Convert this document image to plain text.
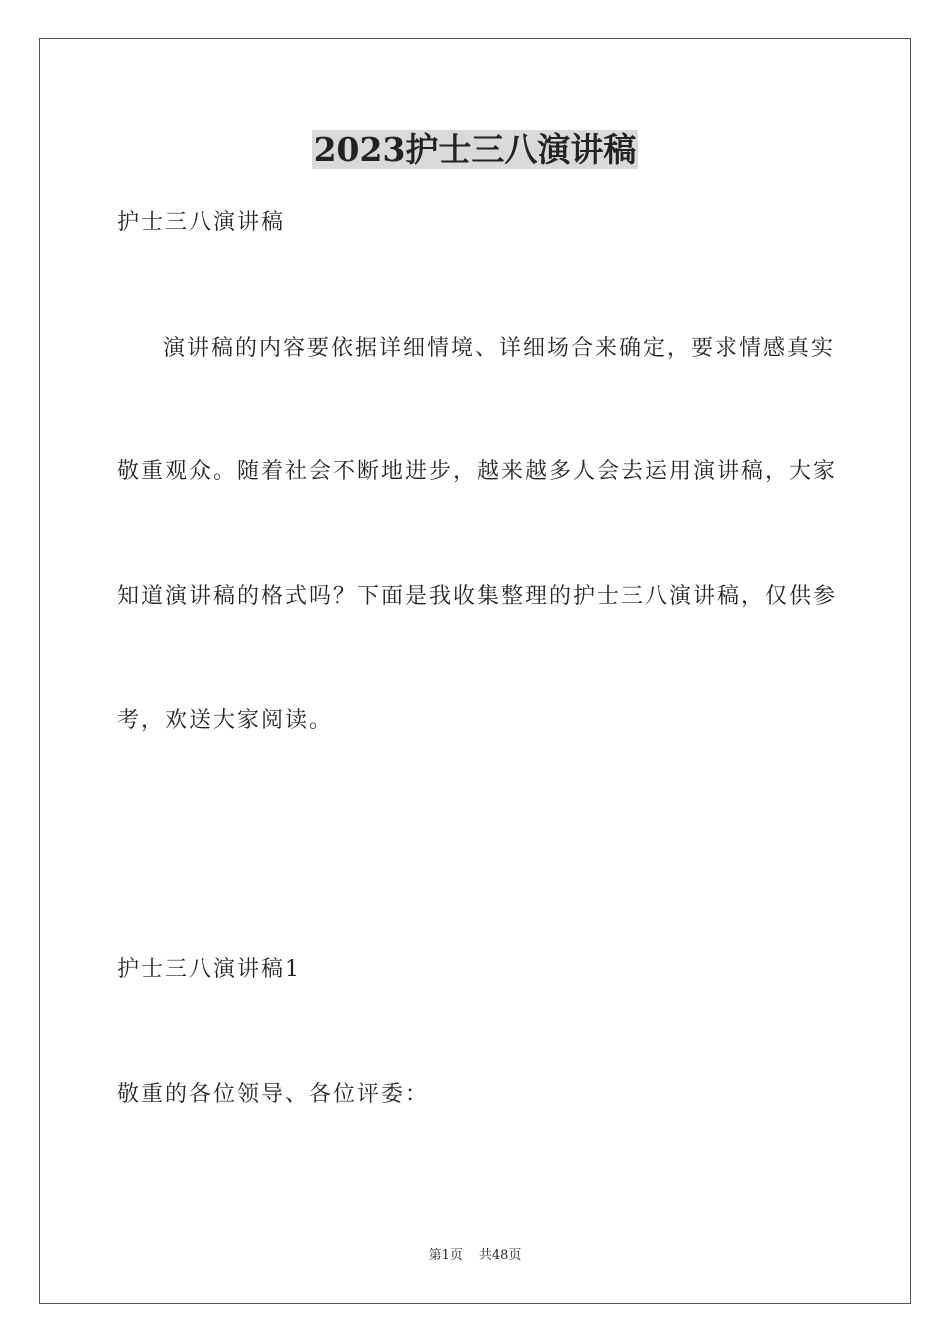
2023护士三八演讲稿
护士三八演讲稿
演讲稿的内容要依据详细情境、详细场合来确定，要求情感真实
敬重观众。随着社会不断地进步，越来越多人会去运用演讲稿，大家
知道演讲稿的格式吗？下面是我收集整理的护士三八演讲稿，仅供参
考，欢送大家阅读。
护士三八演讲稿1
敬重的各位领导、各位评委：
第1页 共48页
